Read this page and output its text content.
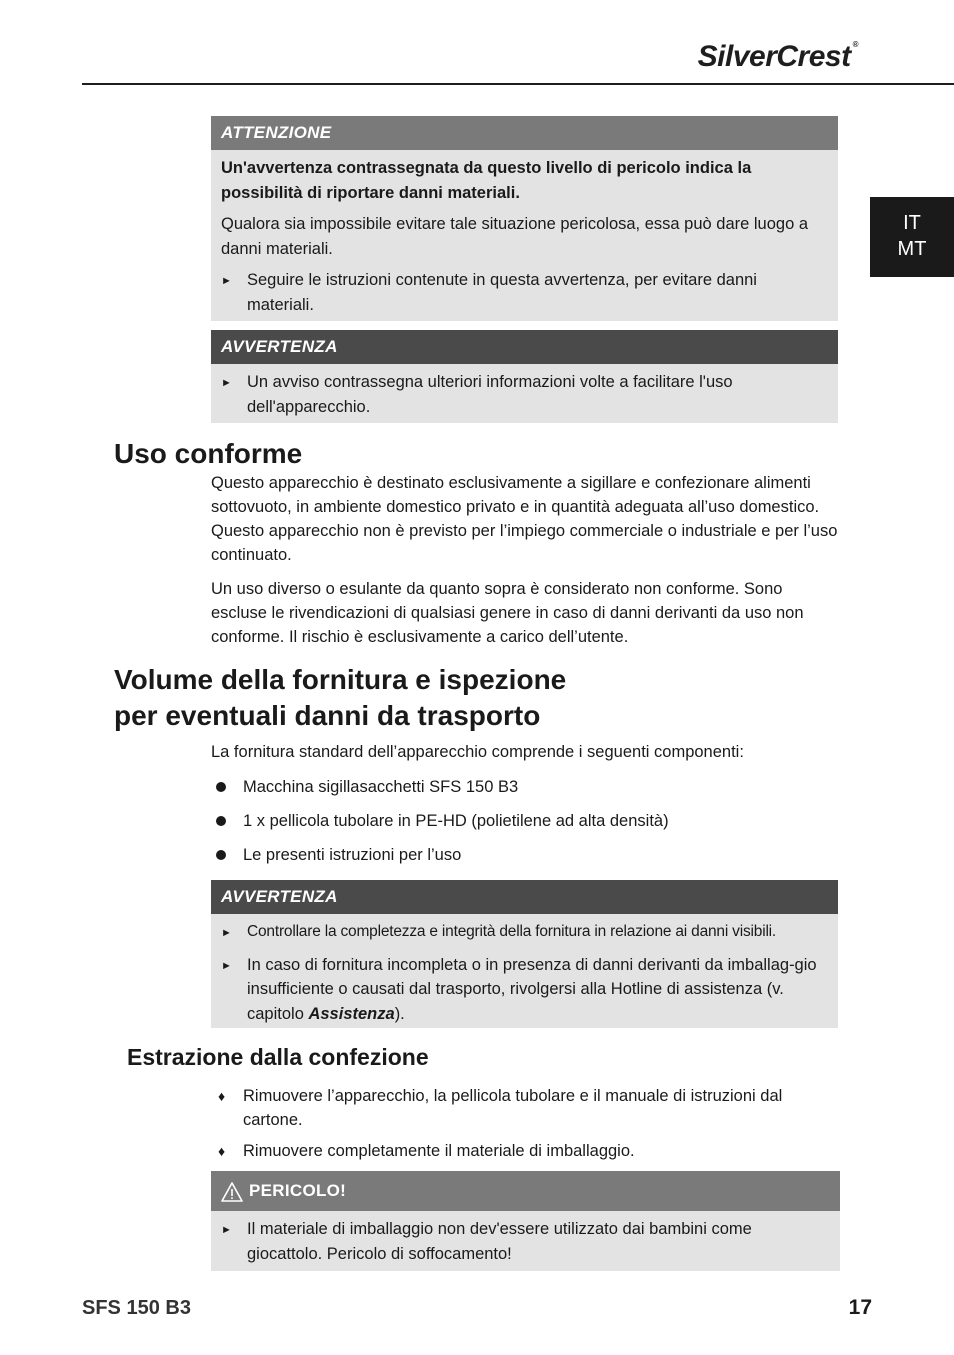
SilverCrest ®
IT
MT
ATTENZIONE

Un'avvertenza contrassegnata da questo livello di pericolo indica la possibilità di riportare danni materiali.

Qualora sia impossibile evitare tale situazione pericolosa, essa può dare luogo a danni materiali.

► Seguire le istruzioni contenute in questa avvertenza, per evitare danni materiali.
AVVERTENZA
► Un avviso contrassegna ulteriori informazioni volte a facilitare l'uso dell'apparecchio.
Uso conforme

Questo apparecchio è destinato esclusivamente a sigillare e confezionare alimenti sottovuoto, in ambiente domestico privato e in quantità adeguata all’uso domestico. Questo apparecchio non è previsto per l’impiego commerciale o industriale e per l’uso continuato.

Un uso diverso o esulante da quanto sopra è considerato non conforme. Sono escluse le rivendicazioni di qualsiasi genere in caso di danni derivanti da uso non conforme. Il rischio è esclusivamente a carico dell’utente.

Volume della fornitura e ispezione
per eventuali danni da trasporto
La fornitura standard dell’apparecchio comprende i seguenti componenti:
Macchina sigillasacchetti SFS 150 B3
1 x pellicola tubolare in PE-HD (polietilene ad alta densità)
Le presenti istruzioni per l’uso
AVVERTENZA
► Controllare la completezza e integrità della fornitura in relazione ai danni visibili.
► In caso di fornitura incompleta o in presenza di danni derivanti da imballag-gio insufficiente o causati dal trasporto, rivolgersi alla Hotline di assistenza (v. capitolo Assistenza).
Estrazione dalla confezione
♦	Rimuovere l’apparecchio, la pellicola tubolare e il manuale di istruzioni dal cartone.
♦	Rimuovere completamente il materiale di imballaggio.
PERICOLO!
► Il materiale di imballaggio non dev'essere utilizzato dai bambini come giocattolo. Pericolo di soffocamento!
SFS 150 B3	17
